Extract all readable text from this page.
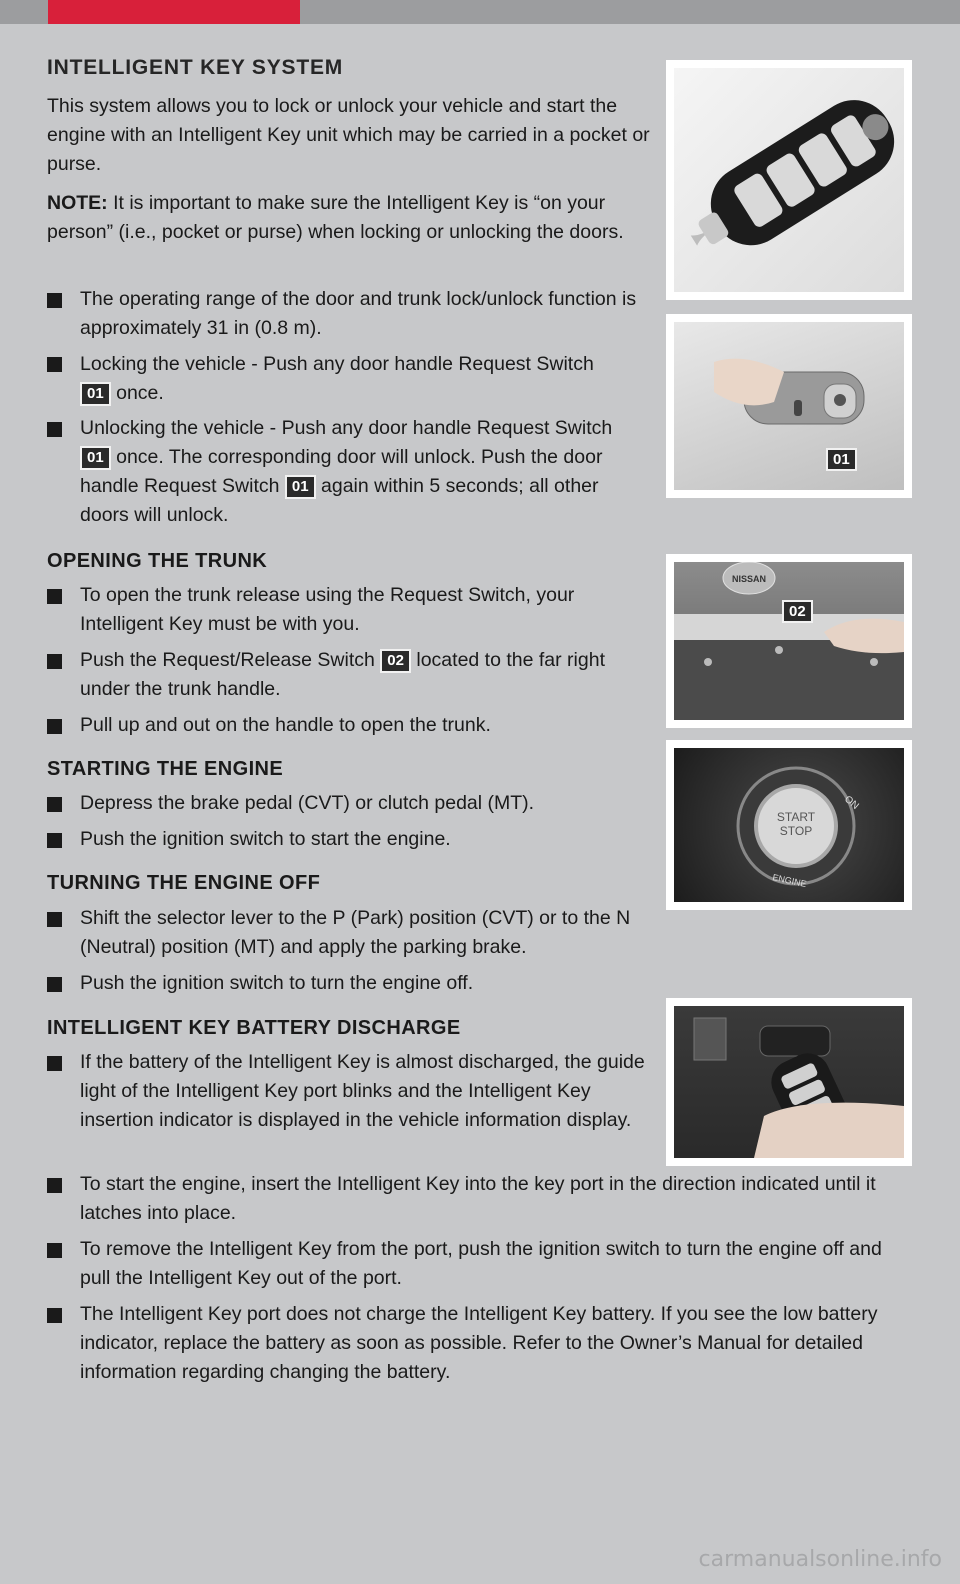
INTELLIGENT KEY SYSTEM

This system allows you to lock or unlock your vehicle and start the engine with an Intelligent Key unit which may be carried in a pocket or purse.

NOTE: It is important to make sure the Intelligent Key is “on your person” (i.e., pocket or purse) when locking or unlocking the doors.

The operating range of the door and trunk lock/unlock function is approximately 31 in (0.8 m).

Locking the vehicle - Push any door handle Request Switch 01 once.

Unlocking the vehicle - Push any door handle Request Switch 01 once. The corresponding door will unlock. Push the door handle Request Switch 01 again within 5 seconds; all other doors will unlock.

OPENING THE TRUNK

To open the trunk release using the Request Switch, your Intelligent Key must be with you.

Push the Request/Release Switch 02 located to the far right under the trunk handle.

Pull up and out on the handle to open the trunk.

STARTING THE ENGINE

Depress the brake pedal (CVT) or clutch pedal (MT).

Push the ignition switch to start the engine.

TURNING THE ENGINE OFF

Shift the selector lever to the P (Park) position (CVT) or to the N (Neutral) position (MT) and apply the parking brake.

Push the ignition switch to turn the engine off.

INTELLIGENT KEY BATTERY DISCHARGE

If the battery of the Intelligent Key is almost discharged, the guide light of the Intelligent Key port blinks and the Intelligent Key insertion indicator is displayed in the vehicle information display.

To start the engine, insert the Intelligent Key into the key port in the direction indicated until it latches into place.

To remove the Intelligent Key from the port, push the ignition switch to turn the engine off and pull the Intelligent Key out of the port.

The Intelligent Key port does not charge the Intelligent Key battery. If you see the low battery indicator, replace the battery as soon as possible. Refer to the Owner’s Manual for detailed information regarding changing the battery.

01
NISSAN
02
START
STOP
ON
ENGINE
carmanualsonline.info
